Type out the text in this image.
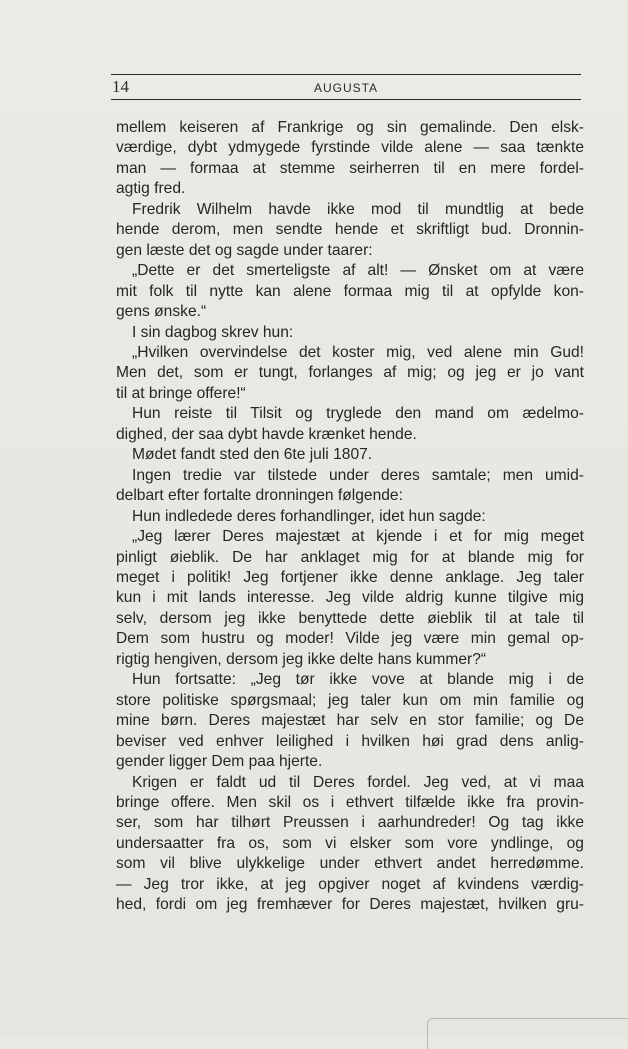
14	AUGUSTA
mellem keiseren af Frankrige og sin gemalinde. Den elsk-
værdige, dybt ydmygede fyrstinde vilde alene — saa tænkte
man — formaa at stemme seirherren til en mere fordel-
agtig fred.
Fredrik Wilhelm havde ikke mod til mundtlig at bede
hende derom, men sendte hende et skriftligt bud. Dronnin-
gen læste det og sagde under taarer:
„Dette er det smerteligste af alt! — Ønsket om at være
mit folk til nytte kan alene formaa mig til at opfylde kon-
gens ønske.“
I sin dagbog skrev hun:
„Hvilken overvindelse det koster mig, ved alene min Gud!
Men det, som er tungt, forlanges af mig; og jeg er jo vant
til at bringe offere!“
Hun reiste til Tilsit og tryglede den mand om ædelmo-
dighed, der saa dybt havde krænket hende.
Mødet fandt sted den 6te juli 1807.
Ingen tredie var tilstede under deres samtale; men umid-
delbart efter fortalte dronningen følgende:
Hun indledede deres forhandlinger, idet hun sagde:
„Jeg lærer Deres majestæt at kjende i et for mig meget
pinligt øieblik. De har anklaget mig for at blande mig for
meget i politik! Jeg fortjener ikke denne anklage. Jeg taler
kun i mit lands interesse. Jeg vilde aldrig kunne tilgive mig
selv, dersom jeg ikke benyttede dette øieblik til at tale til
Dem som hustru og moder! Vilde jeg være min gemal op-
rigtig hengiven, dersom jeg ikke delte hans kummer?“
Hun fortsatte: „Jeg tør ikke vove at blande mig i de
store politiske spørgsmaal; jeg taler kun om min familie og
mine børn. Deres majestæt har selv en stor familie; og De
beviser ved enhver leilighed i hvilken høi grad dens anlig-
gender ligger Dem paa hjerte.
Krigen er faldt ud til Deres fordel. Jeg ved, at vi maa
bringe offere. Men skil os i ethvert tilfælde ikke fra provin-
ser, som har tilhørt Preussen i aarhundreder! Og tag ikke
undersaatter fra os, som vi elsker som vore yndlinge, og
som vil blive ulykkelige under ethvert andet herredømme.
— Jeg tror ikke, at jeg opgiver noget af kvindens værdig-
hed, fordi om jeg fremhæver for Deres majestæt, hvilken gru-
